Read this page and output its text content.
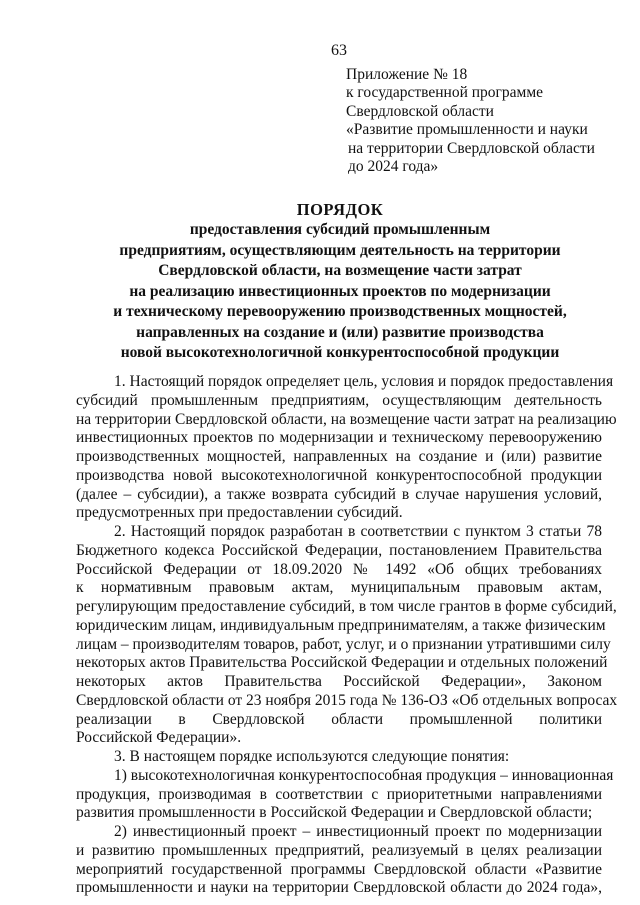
63
Приложение № 18
к государственной программе
Свердловской области
«Развитие промышленности и науки
на территории Свердловской области
до 2024 года»
ПОРЯДОК
предоставления субсидий промышленным
предприятиям, осуществляющим деятельность на территории
Свердловской области, на возмещение части затрат
на реализацию инвестиционных проектов по модернизации
и техническому перевооружению производственных мощностей,
направленных на создание и (или) развитие производства
новой высокотехнологичной конкурентоспособной продукции
1. Настоящий порядок определяет цель, условия и порядок предоставления
субсидий промышленным предприятиям, осуществляющим деятельность
на территории Свердловской области, на возмещение части затрат на реализацию
инвестиционных проектов по модернизации и техническому перевооружению
производственных мощностей, направленных на создание и (или) развитие
производства новой высокотехнологичной конкурентоспособной продукции
(далее – субсидии), а также возврата субсидий в случае нарушения условий,
предусмотренных при предоставлении субсидий.
2. Настоящий порядок разработан в соответствии с пунктом 3 статьи 78
Бюджетного кодекса Российской Федерации, постановлением Правительства
Российской Федерации от 18.09.2020 № 1492 «Об общих требованиях
к нормативным правовым актам, муниципальным правовым актам,
регулирующим предоставление субсидий, в том числе грантов в форме субсидий,
юридическим лицам, индивидуальным предпринимателям, а также физическим
лицам – производителям товаров, работ, услуг, и о признании утратившими силу
некоторых актов Правительства Российской Федерации и отдельных положений
некоторых актов Правительства Российской Федерации», Законом
Свердловской области от 23 ноября 2015 года № 136-ОЗ «Об отдельных вопросах
реализации в Свердловской области промышленной политики
Российской Федерации».
3. В настоящем порядке используются следующие понятия:
1) высокотехнологичная конкурентоспособная продукция – инновационная
продукция, производимая в соответствии с приоритетными направлениями
развития промышленности в Российской Федерации и Свердловской области;
2) инвестиционный проект – инвестиционный проект по модернизации
и развитию промышленных предприятий, реализуемый в целях реализации
мероприятий государственной программы Свердловской области «Развитие
промышленности и науки на территории Свердловской области до 2024 года»,
